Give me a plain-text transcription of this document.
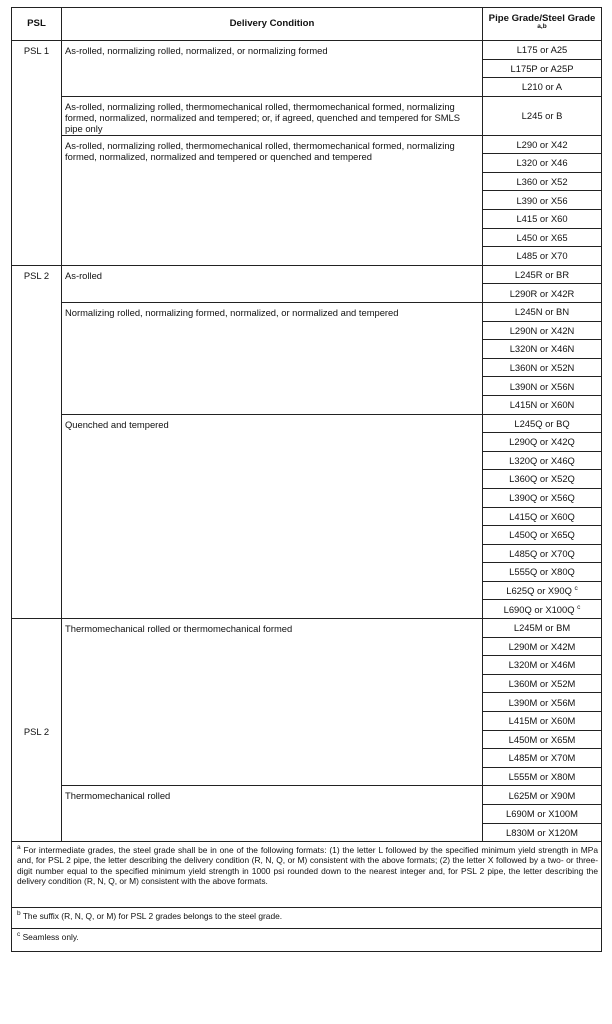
PSL	Delivery Condition	Pipe Grade/Steel Grade $^{a,b}$
PSL 1	As-rolled, normalizing rolled, normalized, or normalizing formed	L175 or A25
		L175P or A25P
		L210 or A
	As-rolled, normalizing rolled, thermomechanical rolled, thermomechanical formed, normalizing formed, normalized, normalized and tempered; or, if agreed, quenched and tempered for SMLS pipe only	L245 or B
	As-rolled, normalizing rolled, thermomechanical rolled, thermomechanical formed, normalizing formed, normalized, normalized and tempered or quenched and tempered	L290 or X42
		L320 or X46
		L360 or X52
		L390 or X56
		L415 or X60
		L450 or X65
		L485 or X70
PSL 2	As-rolled	L245R or BR
		L290R or X42R
	Normalizing rolled, normalizing formed, normalized, or normalized and tempered	L245N or BN
		L290N or X42N
		L320N or X46N
		L360N or X52N
		L390N or X56N
		L415N or X60N
	Quenched and tempered	L245Q or BQ
		L290Q or X42Q
		L320Q or X46Q
		L360Q or X52Q
		L390Q or X56Q
		L415Q or X60Q
		L450Q or X65Q
		L485Q or X70Q
		L555Q or X80Q
		L625Q or X90Q $^c$
		L690Q or X100Q $^c$
PSL 2	Thermomechanical rolled or thermomechanical formed	L245M or BM
		L290M or X42M
		L320M or X46M
		L360M or X52M
		L390M or X56M
		L415M or X60M
		L450M or X65M
		L485M or X70M
		L555M or X80M
	Thermomechanical rolled	L625M or X90M
		L690M or X100M
		L830M or X120M
$^a$ For intermediate grades, the steel grade shall be in one of the following formats: (1) the letter L followed by the specified minimum yield strength in MPa and, for PSL 2 pipe, the letter describing the delivery condition (R, N, Q, or M) consistent with the above formats; (2) the letter X followed by a two- or three-digit number equal to the specified minimum yield strength in 1000 psi rounded down to the nearest integer and, for PSL 2 pipe, the letter describing the delivery condition (R, N, Q, or M) consistent with the above formats.		
$^b$ The suffix (R, N, Q, or M) for PSL 2 grades belongs to the steel grade.		
$^c$ Seamless only.		
